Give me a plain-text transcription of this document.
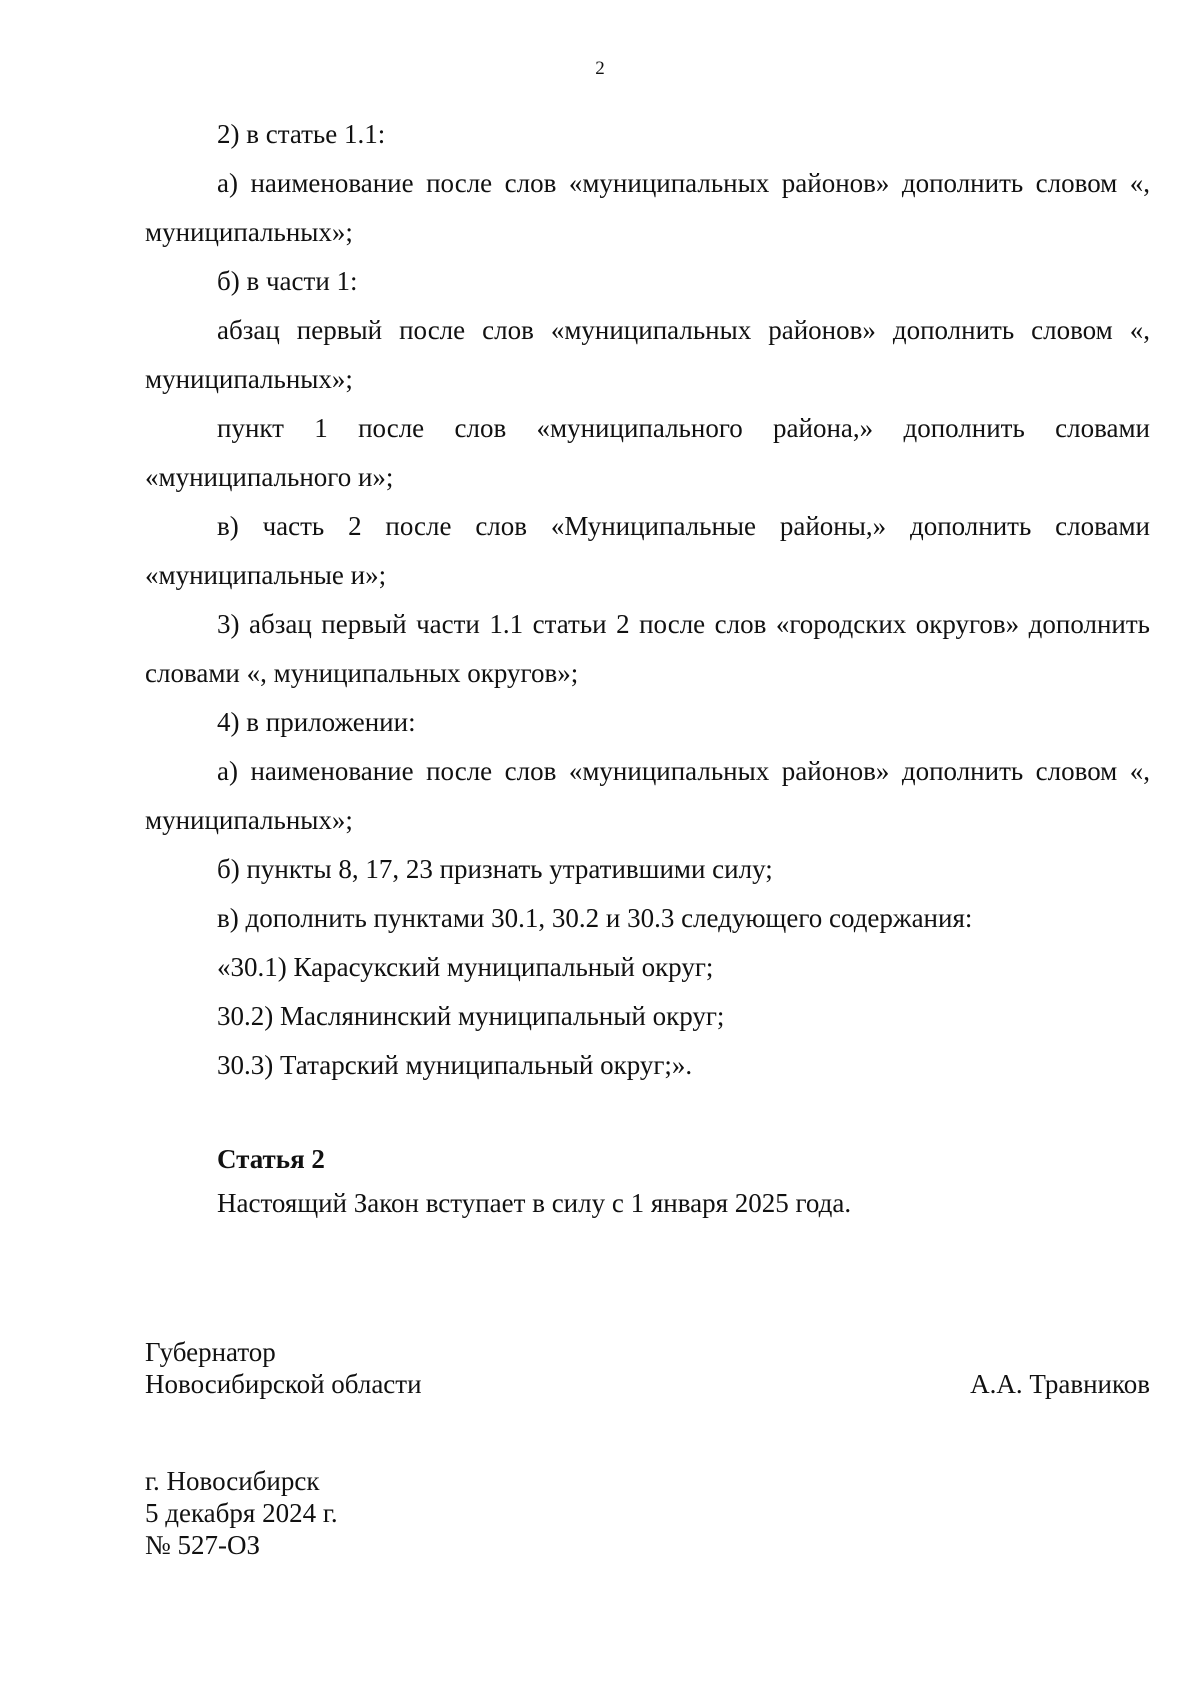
2

2) в статье 1.1:

а) наименование после слов «муниципальных районов» дополнить словом «, муниципальных»;

б) в части 1:

абзац первый после слов «муниципальных районов» дополнить словом «, муниципальных»;

пункт 1 после слов «муниципального района,» дополнить словами «муниципального и»;

в) часть 2 после слов «Муниципальные районы,» дополнить словами «муниципальные и»;

3) абзац первый части 1.1 статьи 2 после слов «городских округов» дополнить словами «, муниципальных округов»;

4) в приложении:

а) наименование после слов «муниципальных районов» дополнить словом «, муниципальных»;

б) пункты 8, 17, 23 признать утратившими силу;

в) дополнить пунктами 30.1, 30.2 и 30.3 следующего содержания:

«30.1) Карасукский муниципальный округ;

30.2) Маслянинский муниципальный округ;

30.3) Татарский муниципальный округ;».

Статья 2

Настоящий Закон вступает в силу с 1 января 2025 года.

Губернатор
Новосибирской области	А.А. Травников
г. Новосибирск
5 декабря 2024 г.
№ 527-ОЗ
